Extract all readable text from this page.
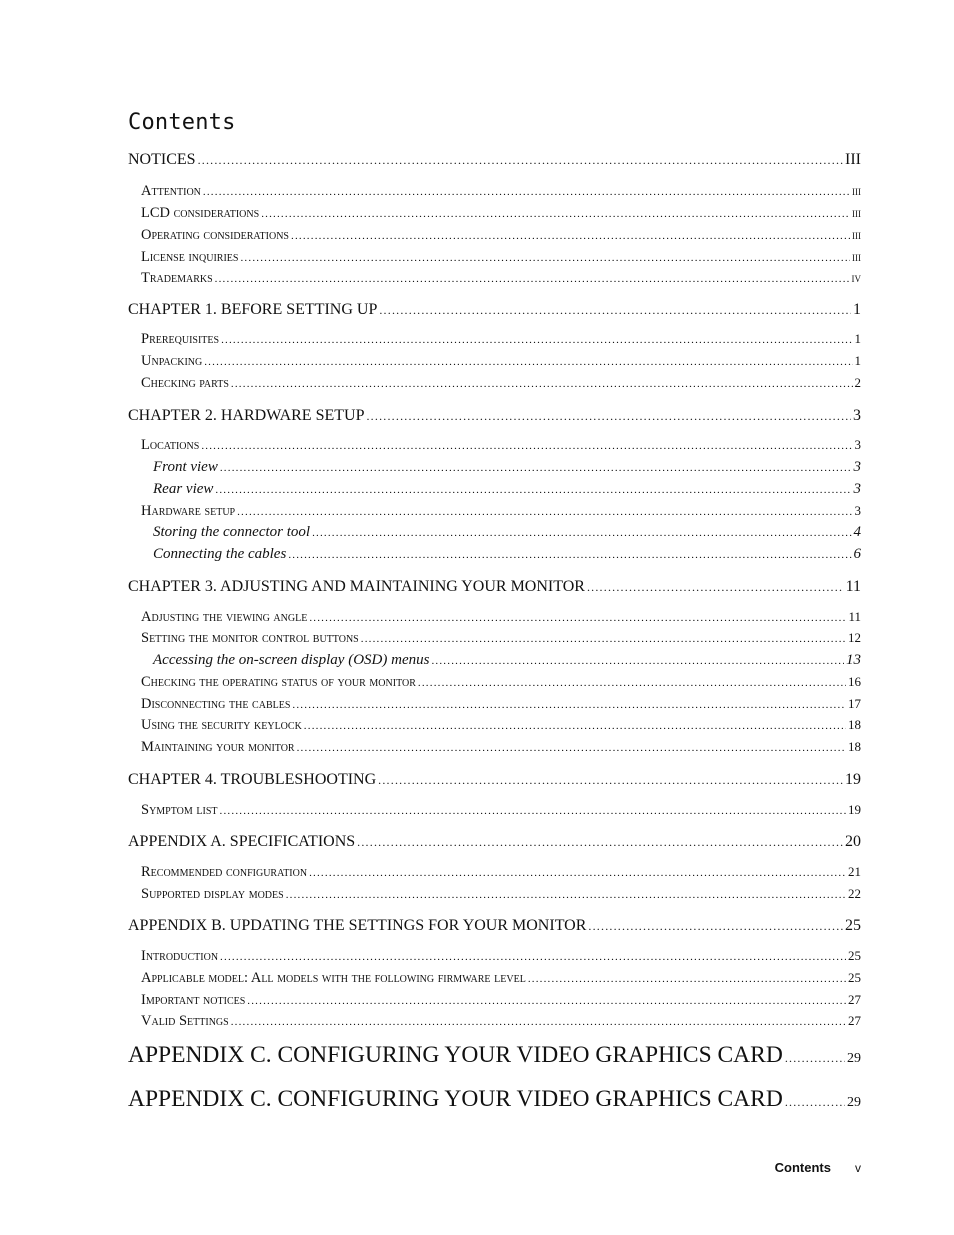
Contents
NOTICES .....	III
Attention .....	iii
LCD considerations .....	iii
Operating considerations .....	iii
License inquiries .....	iii
Trademarks .....	iv
CHAPTER 1. BEFORE SETTING UP .....	1
Prerequisites .....	1
Unpacking .....	1
Checking parts .....	2
CHAPTER 2. HARDWARE SETUP .....	3
Locations .....	3
Front view .....	3
Rear view .....	3
Hardware setup .....	3
Storing the connector tool .....	4
Connecting the cables .....	6
CHAPTER 3. ADJUSTING AND MAINTAINING YOUR MONITOR .....	11
Adjusting the viewing angle .....	11
Setting the monitor control buttons .....	12
Accessing the on-screen display (OSD) menus .....	13
Checking the operating status of your monitor .....	16
Disconnecting the cables .....	17
Using the security keylock .....	18
Maintaining your monitor .....	18
CHAPTER 4. TROUBLESHOOTING .....	19
Symptom list .....	19
APPENDIX A. SPECIFICATIONS .....	20
Recommended configuration .....	21
Supported display modes .....	22
APPENDIX B. UPDATING THE SETTINGS FOR YOUR MONITOR .....	25
Introduction .....	25
Applicable model: All models with the following firmware level .....	25
Important notices .....	27
Valid Settings .....	27
APPENDIX C. CONFIGURING YOUR VIDEO GRAPHICS CARD .....	29
APPENDIX C. CONFIGURING YOUR VIDEO GRAPHICS CARD .....	29
Contents v
